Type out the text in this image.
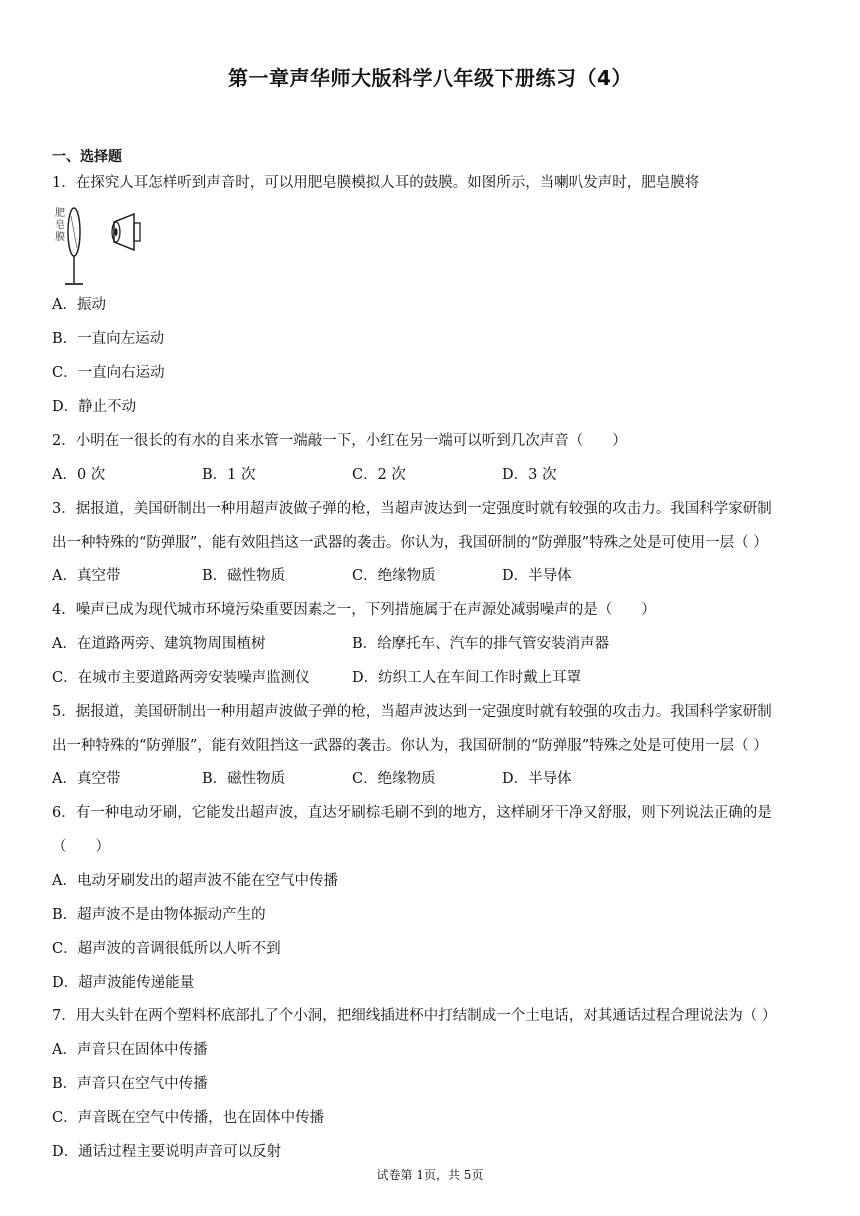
第一章声华师大版科学八年级下册练习（4）
一、选择题
1．在探究人耳怎样听到声音时，可以用肥皂膜模拟人耳的鼓膜。如图所示，当喇叭发声时，肥皂膜将
肥
皂
膜
A．振动
B．一直向左运动
C．一直向右运动
D．静止不动
2．小明在一很长的有水的自来水管一端敲一下，小红在另一端可以听到几次声音（　　）
A．0 次	B．1 次	C．2 次	D．3 次
3．据报道，美国研制出一种用超声波做子弹的枪，当超声波达到一定强度时就有较强的攻击力。我国科学家研制
出一种特殊的“防弹服”，能有效阻挡这一武器的袭击。你认为，我国研制的“防弹服”特殊之处是可使用一层（ ）
A．真空带	B．磁性物质	C．绝缘物质	D．半导体
4．噪声已成为现代城市环境污染重要因素之一，下列措施属于在声源处减弱噪声的是（　　）
A．在道路两旁、建筑物周围植树	B．给摩托车、汽车的排气管安装消声器
C．在城市主要道路两旁安装噪声监测仪	D．纺织工人在车间工作时戴上耳罩
5．据报道，美国研制出一种用超声波做子弹的枪，当超声波达到一定强度时就有较强的攻击力。我国科学家研制
出一种特殊的“防弹服”，能有效阻挡这一武器的袭击。你认为，我国研制的“防弹服”特殊之处是可使用一层（ ）
A．真空带	B．磁性物质	C．绝缘物质	D．半导体
6．有一种电动牙刷，它能发出超声波，直达牙刷棕毛刷不到的地方，这样刷牙干净又舒服，则下列说法正确的是
（　　）
A．电动牙刷发出的超声波不能在空气中传播
B．超声波不是由物体振动产生的
C．超声波的音调很低所以人听不到
D．超声波能传递能量
7．用大头针在两个塑料杯底部扎了个小洞，把细线插进杯中打结制成一个土电话，对其通话过程合理说法为（ ）
A．声音只在固体中传播
B．声音只在空气中传播
C．声音既在空气中传播，也在固体中传播
D．通话过程主要说明声音可以反射
试卷第 1页，共 5页
